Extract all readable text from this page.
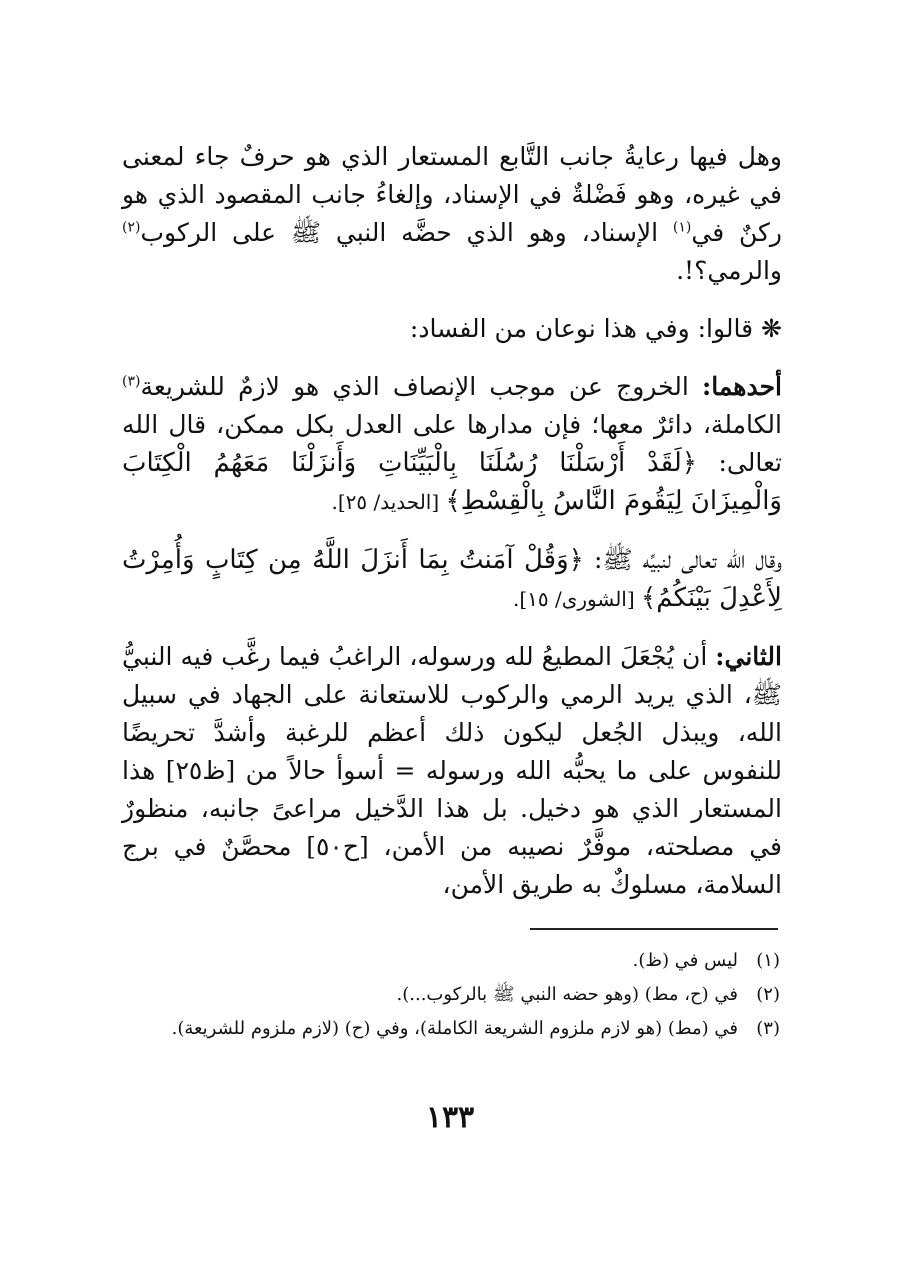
وهل فيها رعايةُ جانب التَّابع المستعار الذي هو حرفٌ جاء لمعنى في غيره، وهو فَضْلةٌ في الإسناد، وإلغاءُ جانب المقصود الذي هو ركنٌ في$^{(١)}$ الإسناد، وهو الذي حضَّه النبي ﷺ على الركوب$^{(٢)}$ والرمي؟!.

❋ قالوا: وفي هذا نوعان من الفساد:

أحدهما: الخروج عن موجب الإنصاف الذي هو لازمٌ للشريعة$^{(٣)}$ الكاملة، دائرٌ معها؛ فإن مدارها على العدل بكل ممكن، قال الله تعالى: ﴿لَقَدْ أَرْسَلْنَا رُسُلَنَا بِالْبَيِّنَاتِ وَأَنزَلْنَا مَعَهُمُ الْكِتَابَ وَالْمِيزَانَ لِيَقُومَ النَّاسُ بِالْقِسْطِ﴾ [الحديد/ ٢٥].

وقال الله تعالى لنبيِّه ﷺ: ﴿وَقُلْ آمَنتُ بِمَا أَنزَلَ اللَّهُ مِن كِتَابٍ وَأُمِرْتُ لِأَعْدِلَ بَيْنَكُمُ﴾ [الشورى/ ١٥].

الثاني: أن يُجْعَلَ المطيعُ لله ورسوله، الراغبُ فيما رغَّب فيه النبيُّ ﷺ، الذي يريد الرمي والركوب للاستعانة على الجهاد في سبيل الله، ويبذل الجُعل ليكون ذلك أعظم للرغبة وأشدَّ تحريضًا للنفوس على ما يحبُّه الله ورسوله = أسوأ حالاً من [ظ٢٥] هذا المستعار الذي هو دخيل. بل هذا الدَّخيل مراعىً جانبه، منظورٌ في مصلحته، موفَّرٌ نصيبه من الأمن، [ح٥٠] محصَّنٌ في برج السلامة، مسلوكٌ به طريق الأمن،

(١)
ليس في (ظ).
(٢)
في (ح، مط) (وهو حضه النبي ﷺ بالركوب...).
(٣)
في (مط) (هو لازم ملزوم الشريعة الكاملة)، وفي (ح) (لازم ملزوم للشريعة).
١٣٣
